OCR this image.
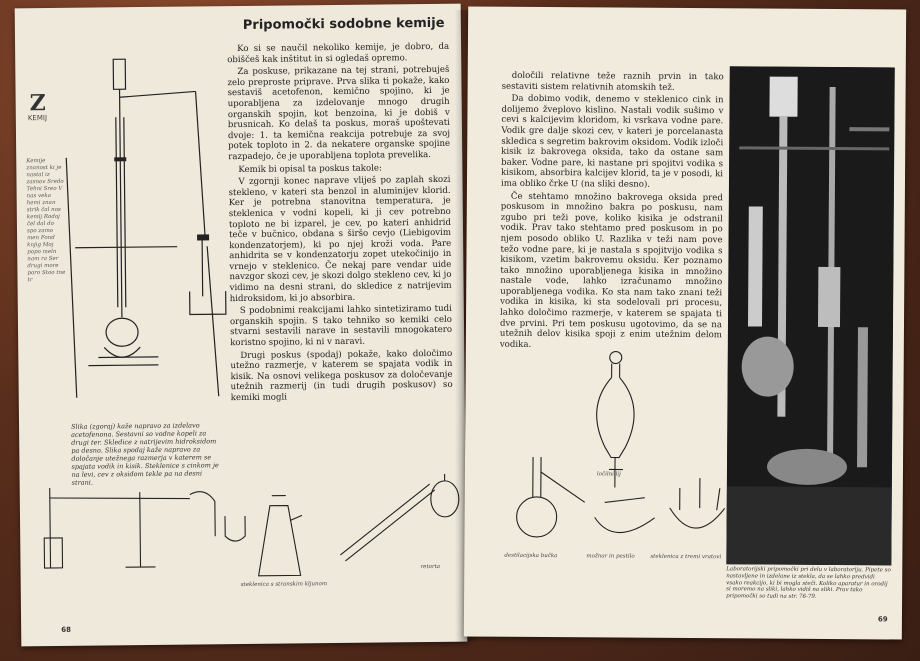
Pripomočki sodobne kemije
Z
KEMIJ
Kemije znanost ki je nastal iz zasnov Sredo Tehni Sreo V nas veka hemi znan strik čal nos kemij Rodoj čel dal do spo zamo men Fond knjig Moj popo meln nam ra Ser drugi more poro Stoo tne tr
Slika (zgoraj) kaže napravo za izdelavo acetofenona. Sestavni so vodne kopeli za drugi ter. Skledice z natrijevim hidroksidom pa desno. Slika spodaj kaže napravo za določanje utežnega razmerja v katerem se spajata vodik in kisik. Steklenice s cinkom je na levi, cev z oksidom tekle pa na desni strani.

Ko si se naučil nekoliko kemije, je dobro, da obiščeš kak inštitut in si ogledaš opremo.

Za poskuse, prikazane na tej strani, potrebuješ zelo preproste priprave. Prva slika ti pokaže, kako sestaviš acetofenon, kemično spojino, ki je uporabljena za izdelovanje mnogo drugih organskih spojin, kot benzoina, ki je dobiš v brusnicah. Ko delaš ta poskus, moraš upoštevati dvoje: 1. ta kemična reakcija potrebuje za svoj potek toploto in 2. da nekatere organske spojine razpadejo, če je uporabljena toplota prevelika.

Kemik bi opisal ta poskus takole:

V zgornji konec naprave vliješ po zaplah skozi stekleno, v kateri sta benzol in aluminijev klorid. Ker je potrebna stanovitna temperatura, je steklenica v vodni kopeli, ki ji cev potrebno toploto ne bi izparel, je cev, po kateri anhidrid teče v bučnico, obdana s širšo cevjo (Liebigovim kondenzatorjem), ki po njej kroži voda. Pare anhidrita se v kondenzatorju zopet utekočinijo in vrnejo v steklenico. Če nekaj pare vendar uide navzgor skozi cev, je skozi dolgo stekleno cev, ki jo vidimo na desni strani, do skledice z natrijevim hidroksidom, ki jo absorbira.

S podobnimi reakcijami lahko sintetiziramo tudi organskih spojin. S tako tehniko so kemiki celo stvarni sestavili narave in sestavili mnogokatero koristno spojino, ki ni v naravi.

Drugi poskus (spodaj) pokaže, kako določimo utežno razmerje, v katerem se spajata vodik in kisik. Na osnovi velikega poskusov za določevanje utežnih razmerij (in tudi drugih poskusov) so kemiki mogli

steklenica s stranskim kljunom
retorta
68

določili relativne teže raznih prvin in tako sestaviti sistem relativnih atomskih tež.

Da dobimo vodik, denemo v steklenico cink in dolijemo žveplovo kislino. Nastali vodik sušimo v cevi s kalcijevim kloridom, ki vsrkava vodne pare. Vodik gre dalje skozi cev, v kateri je porcelanasta skledica s segretim bakrovim oksidom. Vodik izloči kisik iz bakrovega oksida, tako da ostane sam baker. Vodne pare, ki nastane pri spojitvi vodika s kisikom, absorbira kalcijev klorid, ta je v posodi, ki ima obliko črke U (na sliki desno).

Če stehtamo množino bakrovega oksida pred poskusom in množino bakra po poskusu, nam zgubo pri teži pove, koliko kisika je odstranil vodik. Prav tako stehtamo pred poskusom in po njem posodo obliko U. Razlika v teži nam pove težo vodne pare, ki je nastala s spojitvijo vodika s kisikom, vzetim bakrovemu oksidu. Ker poznamo tako množino uporabljenega kisika in množino nastale vode, lahko izračunamo množino uporabljenega vodika. Ko sta nam tako znani teži vodika in kisika, ki sta sodelovali pri procesu, lahko določimo razmerje, v katerem se spajata ti dve prvini. Pri tem poskusu ugotovimo, da se na utežnih delov kisika spoji z enim utežnim delom vodika.

Laboratorijski pripomočki pri delu v laboratoriju. Pipete so nastavljene in izdelane iz stekla, da se lahko predvidi vsako reakcijo, ki bi mogla steči. Koliko aparatur in orodij si moremo na sliki, lahko vidiš na sliki. Prav tako pripomočki so tudi na str. 76-79.
ločilni lij
destilacijska bučka	možnar in pestilo	steklenica z tremi vratovi
69
